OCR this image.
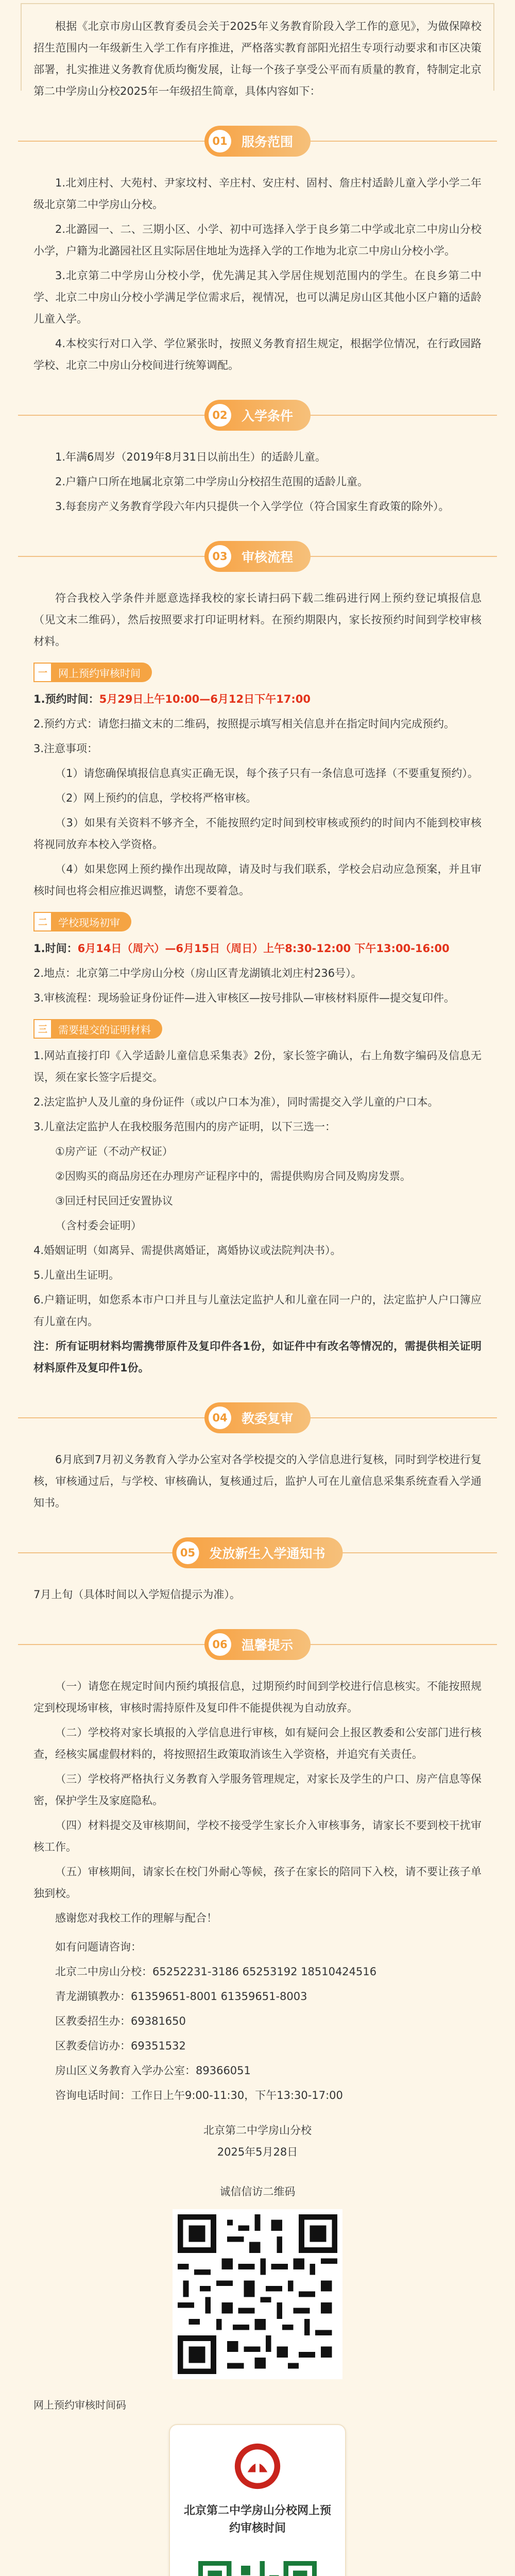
根据《北京市房山区教育委员会关于2025年义务教育阶段入学工作的意见》，为做保障校招生范围内一年级新生入学工作有序推进，严格落实教育部阳光招生专项行动要求和市区决策部署，扎实推进义务教育优质均衡发展，让每一个孩子享受公平而有质量的教育，特制定北京第二中学房山分校2025年一年级招生简章，具体内容如下：

01 服务范围

1.北刘庄村、大苑村、尹家坟村、辛庄村、安庄村、固村、詹庄村适龄儿童入学小学二年级北京第二中学房山分校。

2.北潞园一、二、三期小区、小学、初中可选择入学于良乡第二中学或北京二中房山分校小学，户籍为北潞园社区且实际居住地址为选择入学的工作地为北京二中房山分校小学。

3.北京第二中学房山分校小学，优先满足其入学居住规划范围内的学生。在良乡第二中学、北京二中房山分校小学满足学位需求后，视情况，也可以满足房山区其他小区户籍的适龄儿童入学。

4.本校实行对口入学、学位紧张时，按照义务教育招生规定，根据学位情况，在行政园路学校、北京二中房山分校间进行统筹调配。

02 入学条件

1.年满6周岁（2019年8月31日以前出生）的适龄儿童。

2.户籍户口所在地属北京第二中学房山分校招生范围的适龄儿童。

3.每套房产义务教育学段六年内只提供一个入学学位（符合国家生育政策的除外）。

03 审核流程

符合我校入学条件并愿意选择我校的家长请扫码下载二维码进行网上预约登记填报信息（见文末二维码），然后按照要求打印证明材料。在预约期限内，家长按预约时间到学校审核材料。

一	网上预约审核时间

1.预约时间：5月29日上午10:00—6月12日下午17:00

2.预约方式：请您扫描文末的二维码，按照提示填写相关信息并在指定时间内完成预约。

3.注意事项：

（1）请您确保填报信息真实正确无误，每个孩子只有一条信息可选择（不要重复预约）。

（2）网上预约的信息，学校将严格审核。

（3）如果有关资料不够齐全，不能按照约定时间到校审核或预约的时间内不能到校审核将视同放弃本校入学资格。

（4）如果您网上预约操作出现故障，请及时与我们联系，学校会启动应急预案，并且审核时间也将会相应推迟调整，请您不要着急。

二	学校现场初审

1.时间：6月14日（周六）—6月15日（周日）上午8:30-12:00 下午13:00-16:00

2.地点：北京第二中学房山分校（房山区青龙湖镇北刘庄村236号）。

3.审核流程：现场验证身份证件—进入审核区—按号排队—审核材料原件—提交复印件。

三	需要提交的证明材料

1.网站直接打印《入学适龄儿童信息采集表》2份，家长签字确认，右上角数字编码及信息无误，须在家长签字后提交。

2.法定监护人及儿童的身份证件（或以户口本为准），同时需提交入学儿童的户口本。

3.儿童法定监护人在我校服务范围内的房产证明，以下三选一：

①房产证（不动产权证）

②因购买的商品房还在办理房产证程序中的，需提供购房合同及购房发票。

③回迁村民回迁安置协议

（含村委会证明）

4.婚姻证明（如离异、需提供离婚证，离婚协议或法院判决书）。

5.儿童出生证明。

6.户籍证明，如您系本市户口并且与儿童法定监护人和儿童在同一户的，法定监护人户口簿应有儿童在内。

注：所有证明材料均需携带原件及复印件各1份，如证件中有改名等情况的，需提供相关证明材料原件及复印件1份。

04 教委复审

6月底到7月初义务教育入学办公室对各学校提交的入学信息进行复核，同时到学校进行复核，审核通过后，与学校、审核确认，复核通过后，监护人可在儿童信息采集系统查看入学通知书。

05 发放新生入学通知书

7月上旬（具体时间以入学短信提示为准）。

06 温馨提示

（一）请您在规定时间内预约填报信息，过期预约时间到学校进行信息核实。不能按照规定到校现场审核，审核时需持原件及复印件不能提供视为自动放弃。

（二）学校将对家长填报的入学信息进行审核，如有疑问会上报区教委和公安部门进行核查，经核实属虚假材料的，将按照招生政策取消该生入学资格，并追究有关责任。

（三）学校将严格执行义务教育入学服务管理规定，对家长及学生的户口、房产信息等保密，保护学生及家庭隐私。

（四）材料提交及审核期间，学校不接受学生家长介入审核事务，请家长不要到校干扰审核工作。

（五）审核期间，请家长在校门外耐心等候，孩子在家长的陪同下入校，请不要让孩子单独到校。

感谢您对我校工作的理解与配合！

如有问题请咨询：

北京二中房山分校：65252231-3186 65253192 18510424516

青龙湖镇教办：61359651-8001 61359651-8003

区教委招生办：69381650

区教委信访办：69351532

房山区义务教育入学办公室：89366051

咨询电话时间：工作日上午9:00-11:30，下午13:30-17:00

北京第二中学房山分校
2025年5月28日
诚信信访二维码
网上预约审核时间码
北京第二中学房山分校网上预约审核时间
